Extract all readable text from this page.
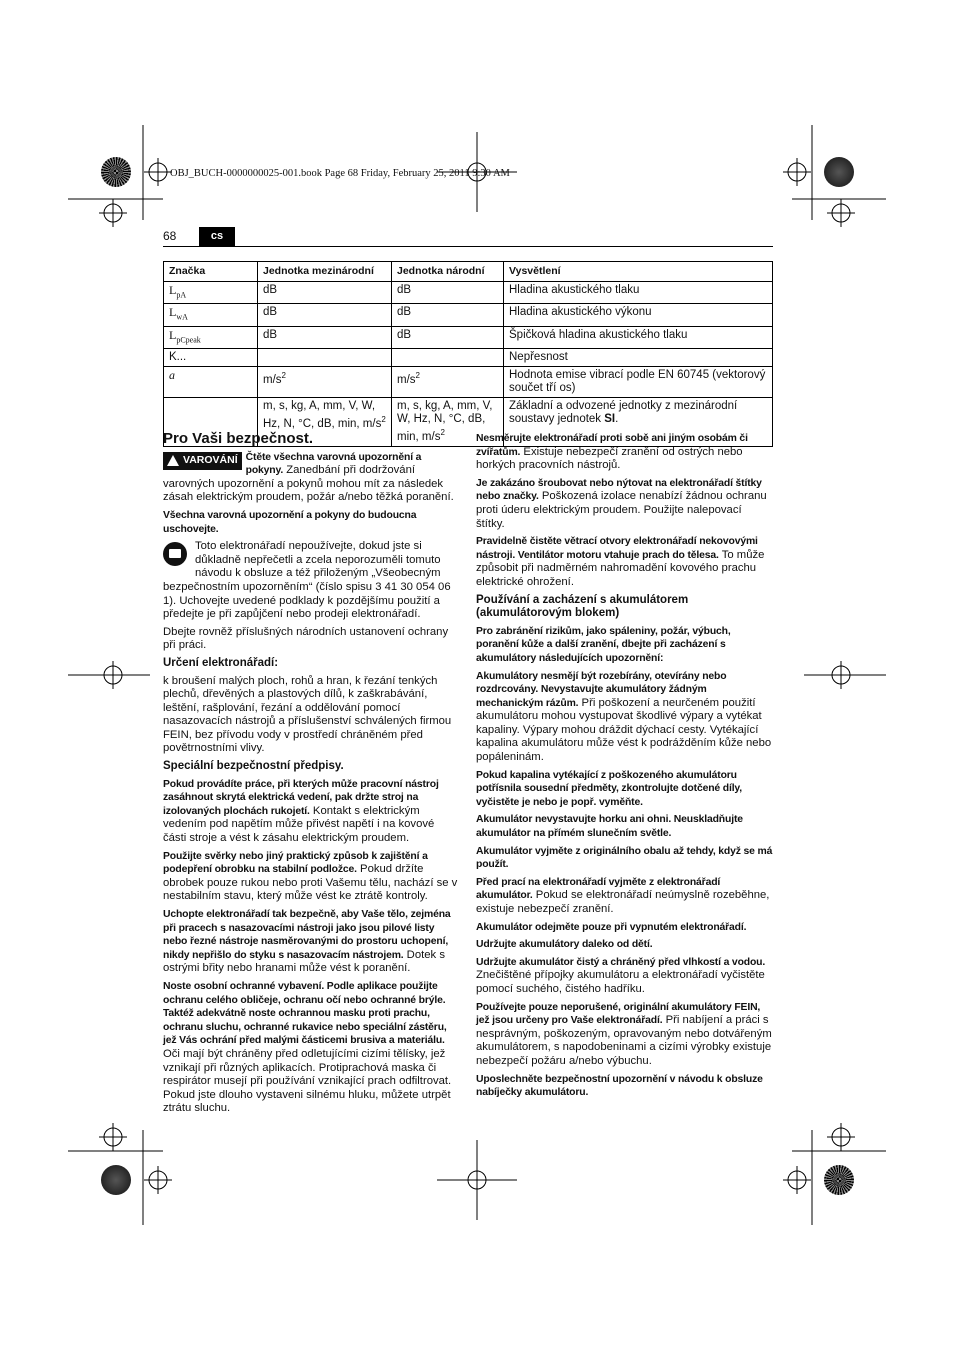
OBJ_BUCH-0000000025-001.book Page 68 Friday, February 25, 2011 9:30 AM
68	cs
Značka	Jednotka mezinárodní	Jednotka národní	Vysvětlení
$L_{pA}$	dB	dB	Hladina akustického tlaku
$L_{wA}$	dB	dB	Hladina akustického výkonu
$L_{pCpeak}$	dB	dB	Špičková hladina akustického tlaku
K...			Nepřesnost
a	$m/s^2$	$m/s^2$	Hodnota emise vibrací podle EN 60745 (vektorový součet tří os)
	m, s, kg, A, mm, V, W, Hz, N, °C, dB, min, $m/s^2$	m, s, kg, A, mm, V, W, Hz, N, °C, dB, min, $m/s^2$	Základní a odvozené jednotky z mezinárodní soustavy jednotek SI.
Pro Vaši bezpečnost.

VAROVÁNÍ Čtěte všechna varovná upozornění a pokyny. Zanedbání při dodržování varovných upozornění a pokynů mohou mít za následek zásah elektrickým proudem, požár a/nebo těžká poranění.

Všechna varovná upozornění a pokyny do budoucna uschovejte.

Toto elektronářadí nepoužívejte, dokud jste si důkladně nepřečetli a zcela neporozuměli tomuto návodu k obsluze a též přiloženým „Všeobecným bezpečnostním upozorněním“ (číslo spisu 3 41 30 054 06 1). Uchovejte uvedené podklady k pozdějšímu použití a předejte je při zapůjčení nebo prodeji elektronářadí.

Dbejte rovněž příslušných národních ustanovení ochrany při práci.

Určení elektronářadí:

k broušení malých ploch, rohů a hran, k řezání tenkých plechů, dřevěných a plastových dílů, k zaškrabávání, leštění, rašplování, řezání a oddělování pomocí nasazovacích nástrojů a příslušenství schválených firmou FEIN, bez přívodu vody v prostředí chráněném před povětrnostními vlivy.

Speciální bezpečnostní předpisy.

Pokud provádíte práce, při kterých může pracovní nástroj zasáhnout skrytá elektrická vedení, pak držte stroj na izolovaných plochách rukojetí. Kontakt s elektrickým vedením pod napětím může přivést napětí i na kovové části stroje a vést k zásahu elektrickým proudem.

Použijte svěrky nebo jiný praktický způsob k zajištění a podepření obrobku na stabilní podložce. Pokud držíte obrobek pouze rukou nebo proti Vašemu tělu, nachází se v nestabilním stavu, který může vést ke ztrátě kontroly.

Uchopte elektronářadí tak bezpečně, aby Vaše tělo, zejména při pracech s nasazovacími nástroji jako jsou pilové listy nebo řezné nástroje nasměrovanými do prostoru uchopení, nikdy nepřišlo do styku s nasazovacím nástrojem. Dotek s ostrými břity nebo hranami může vést k poranění.

Noste osobní ochranné vybavení. Podle aplikace použijte ochranu celého obličeje, ochranu očí nebo ochranné brýle. Taktéž adekvátně noste ochrannou masku proti prachu, ochranu sluchu, ochranné rukavice nebo speciální zástěru, jež Vás ochrání před malými částicemi brusiva a materiálu. Oči mají být chráněny před odletujícími cizími tělísky, jež vznikají při různých aplikacích. Protiprachová maska či respirátor musejí při používání vznikající prach odfiltrovat. Pokud jste dlouho vystaveni silnému hluku, můžete utrpět ztrátu sluchu.

Nesměrujte elektronářadí proti sobě ani jiným osobám či zvířatům. Existuje nebezpečí zranění od ostrých nebo horkých pracovních nástrojů.

Je zakázáno šroubovat nebo nýtovat na elektronářadí štítky nebo značky. Poškozená izolace nenabízí žádnou ochranu proti úderu elektrickým proudem. Použijte nalepovací štítky.

Pravidelně čistěte větrací otvory elektronářadí nekovovými nástroji. Ventilátor motoru vtahuje prach do tělesa. To může způsobit při nadměrném nahromadění kovového prachu elektrické ohrožení.

Používání a zacházení s akumulátorem (akumulátorovým blokem)

Pro zabránění rizikům, jako spáleniny, požár, výbuch, poranění kůže a další zranění, dbejte při zacházení s akumulátory následujících upozornění:

Akumulátory nesmějí být rozebírány, otevírány nebo rozdrcovány. Nevystavujte akumulátory žádným mechanickým rázům. Při poškození a neurčeném použití akumulátoru mohou vystupovat škodlivé výpary a vytékat kapaliny. Výpary mohou dráždit dýchací cesty. Vytékající kapalina akumulátoru může vést k podrážděním kůže nebo popáleninám.

Pokud kapalina vytékající z poškozeného akumulátoru potřísnila sousední předměty, zkontrolujte dotčené díly, vyčistěte je nebo je popř. vyměňte.

Akumulátor nevystavujte horku ani ohni. Neuskladňujte akumulátor na přímém slunečním světle.

Akumulátor vyjměte z originálního obalu až tehdy, když se má použít.

Před prací na elektronářadí vyjměte z elektronářadí akumulátor. Pokud se elektronářadí neúmyslně rozeběhne, existuje nebezpečí zranění.

Akumulátor odejměte pouze při vypnutém elektronářadí.

Udržujte akumulátory daleko od dětí.

Udržujte akumulátor čistý a chráněný před vlhkostí a vodou. Znečištěné přípojky akumulátoru a elektronářadí vyčistěte pomocí suchého, čistého hadříku.

Používejte pouze neporušené, originální akumulátory FEIN, jež jsou určeny pro Vaše elektronářadí. Při nabíjení a práci s nesprávným, poškozeným, opravovaným nebo dotvářeným akumulátorem, s napodobeninami a cizími výrobky existuje nebezpečí požáru a/nebo výbuchu.

Uposlechněte bezpečnostní upozornění v návodu k obsluze nabíječky akumulátoru.
